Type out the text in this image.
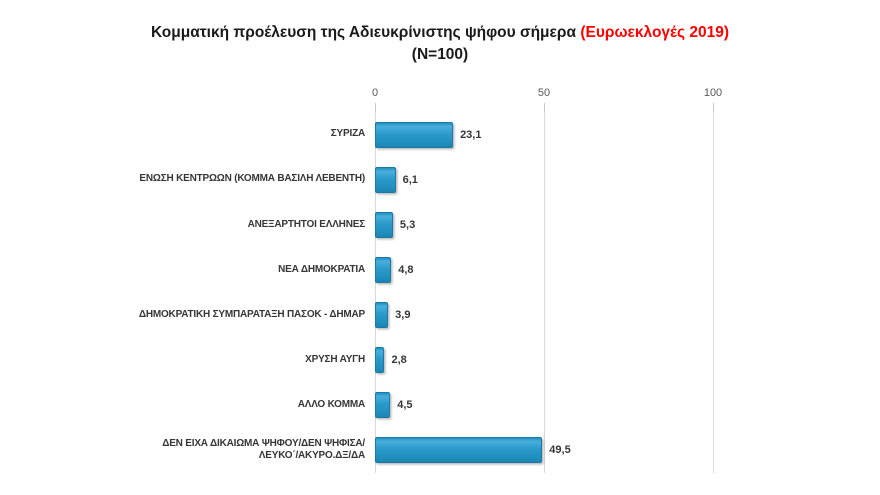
Κομματική προέλευση της Αδιευκρίνιστης ψήφου σήμερα (Ευρωεκλογές 2019)
(N=100)
0	50	100
ΣΥΡΙΖΑ	23,1
ΕΝΩΣΗ ΚΕΝΤΡΩΩΝ (ΚΟΜΜΑ ΒΑΣΙΛΗ ΛΕΒΕΝΤΗ)	6,1
ΑΝΕΞΑΡΤΗΤΟΙ ΕΛΛΗΝΕΣ	5,3
ΝΕΑ ΔΗΜΟΚΡΑΤΙΑ	4,8
ΔΗΜΟΚΡΑΤΙΚΗ ΣΥΜΠΑΡΑΤΑΞΗ ΠΑΣΟΚ - ΔΗΜΑΡ	3,9
ΧΡΥΣΗ ΑΥΓΗ	2,8
ΑΛΛΟ ΚΟΜΜΑ	4,5
ΔΕΝ ΕΙΧΑ ΔΙΚΑΙΩΜΑ ΨΗΦΟΥ/ΔΕΝ ΨΗΦΙΣΑ/ΛΕΥΚΟ΄/ΑΚΥΡΟ.ΔΞ/ΔΑ	49,5
